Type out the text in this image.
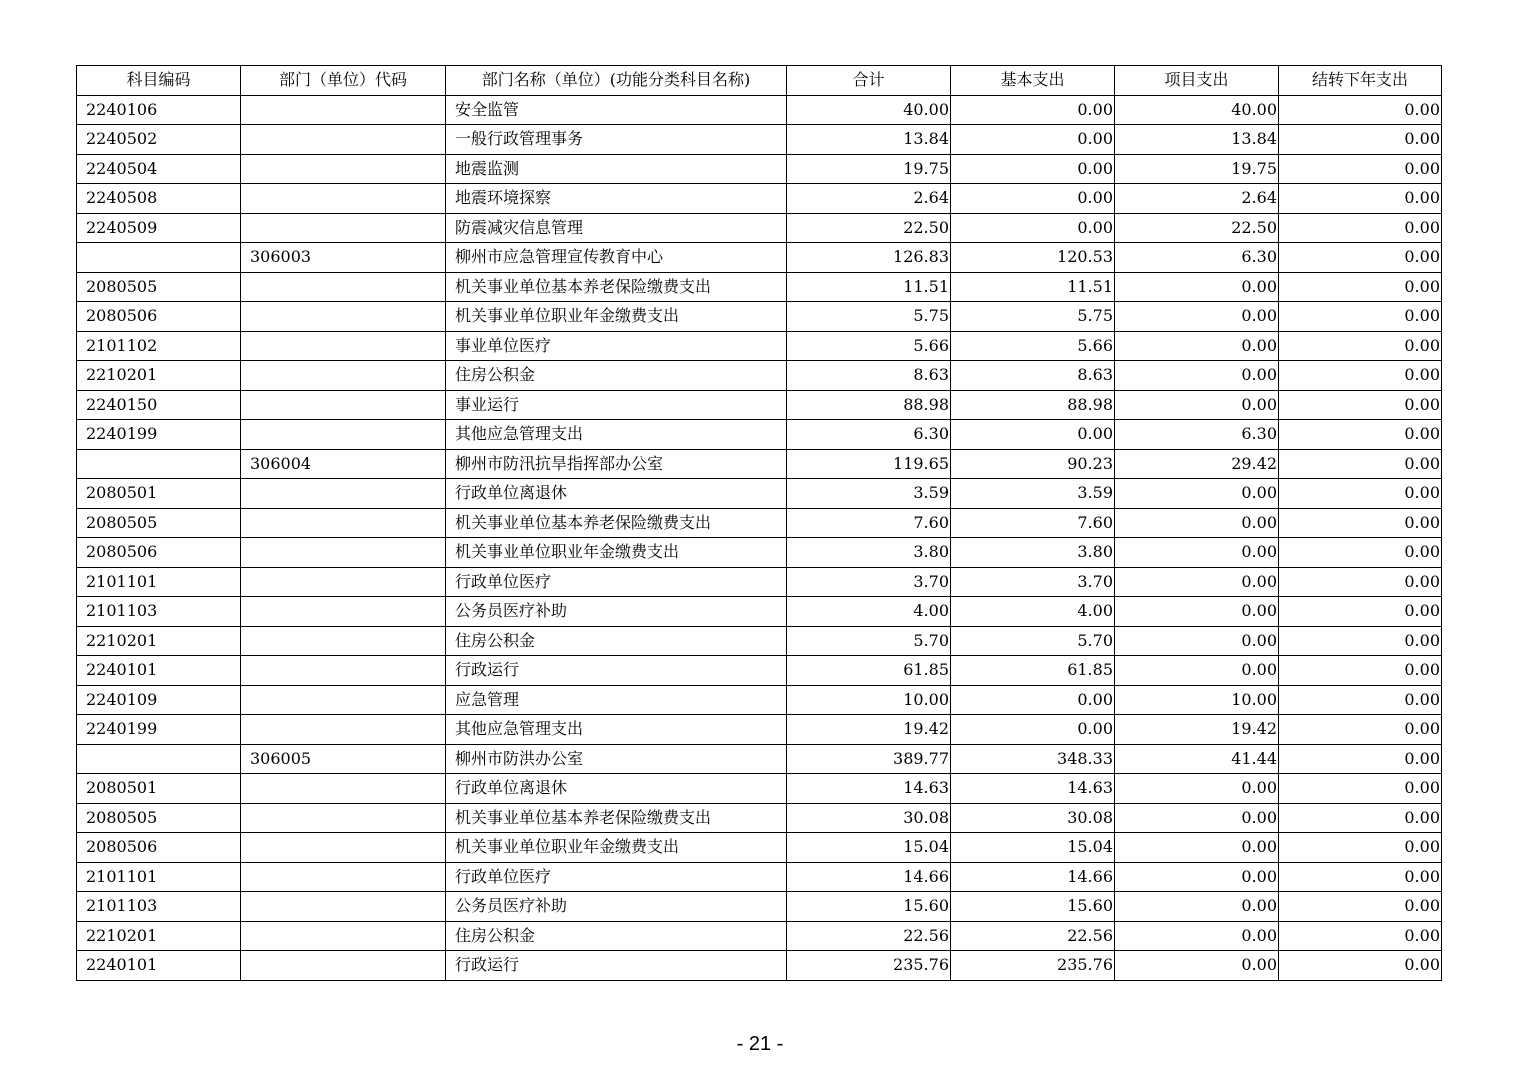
科目编码	部门（单位）代码	部门名称（单位）(功能分类科目名称)	合计	基本支出	项目支出	结转下年支出
2240106		安全监管	40.00	0.00	40.00	0.00
2240502		一般行政管理事务	13.84	0.00	13.84	0.00
2240504		地震监测	19.75	0.00	19.75	0.00
2240508		地震环境探察	2.64	0.00	2.64	0.00
2240509		防震减灾信息管理	22.50	0.00	22.50	0.00
	306003	柳州市应急管理宣传教育中心	126.83	120.53	6.30	0.00
2080505		机关事业单位基本养老保险缴费支出	11.51	11.51	0.00	0.00
2080506		机关事业单位职业年金缴费支出	5.75	5.75	0.00	0.00
2101102		事业单位医疗	5.66	5.66	0.00	0.00
2210201		住房公积金	8.63	8.63	0.00	0.00
2240150		事业运行	88.98	88.98	0.00	0.00
2240199		其他应急管理支出	6.30	0.00	6.30	0.00
	306004	柳州市防汛抗旱指挥部办公室	119.65	90.23	29.42	0.00
2080501		行政单位离退休	3.59	3.59	0.00	0.00
2080505		机关事业单位基本养老保险缴费支出	7.60	7.60	0.00	0.00
2080506		机关事业单位职业年金缴费支出	3.80	3.80	0.00	0.00
2101101		行政单位医疗	3.70	3.70	0.00	0.00
2101103		公务员医疗补助	4.00	4.00	0.00	0.00
2210201		住房公积金	5.70	5.70	0.00	0.00
2240101		行政运行	61.85	61.85	0.00	0.00
2240109		应急管理	10.00	0.00	10.00	0.00
2240199		其他应急管理支出	19.42	0.00	19.42	0.00
	306005	柳州市防洪办公室	389.77	348.33	41.44	0.00
2080501		行政单位离退休	14.63	14.63	0.00	0.00
2080505		机关事业单位基本养老保险缴费支出	30.08	30.08	0.00	0.00
2080506		机关事业单位职业年金缴费支出	15.04	15.04	0.00	0.00
2101101		行政单位医疗	14.66	14.66	0.00	0.00
2101103		公务员医疗补助	15.60	15.60	0.00	0.00
2210201		住房公积金	22.56	22.56	0.00	0.00
2240101		行政运行	235.76	235.76	0.00	0.00
- 21 -
